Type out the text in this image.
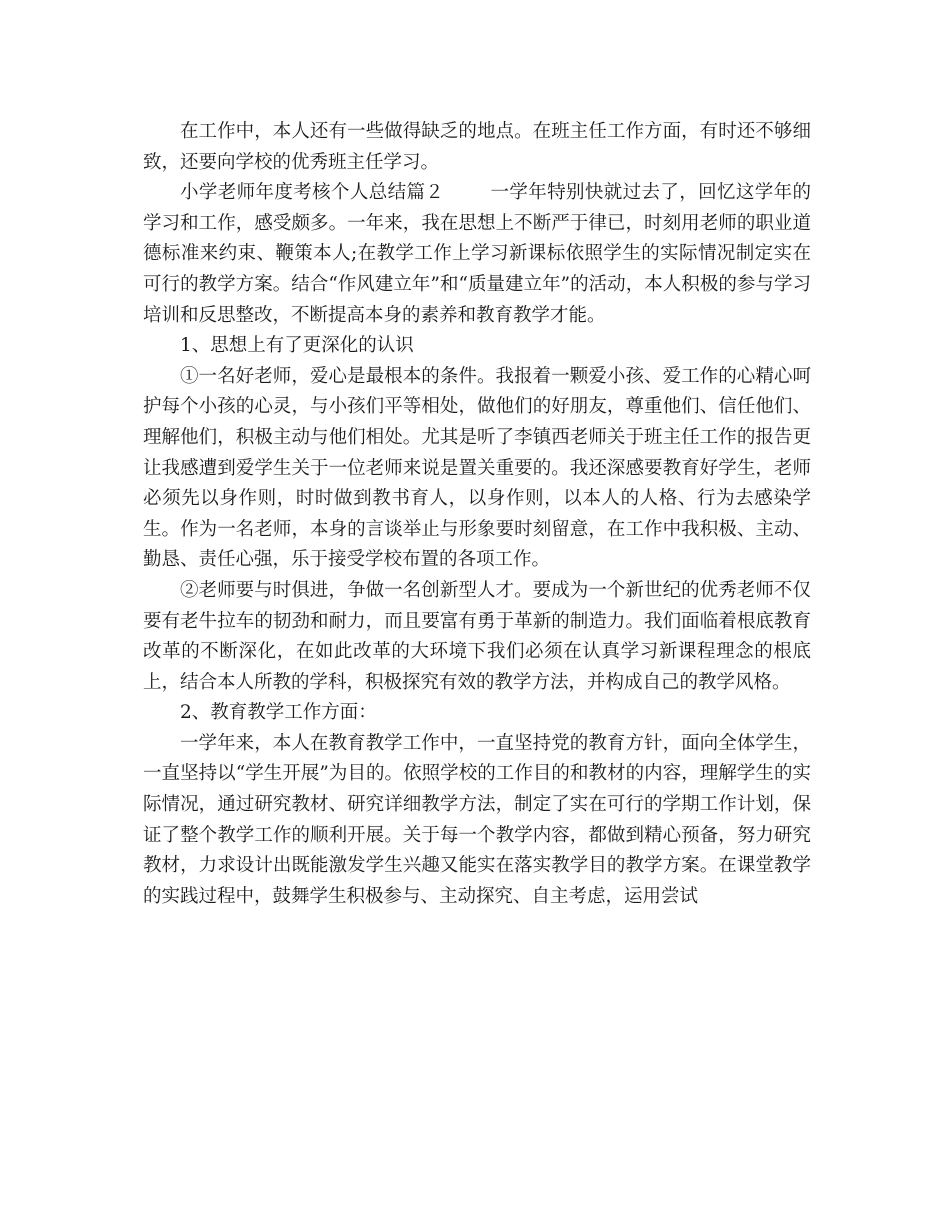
在工作中，本人还有一些做得缺乏的地点。在班主任工作方面，有时还不够细致，还要向学校的优秀班主任学习。

小学老师年度考核个人总结篇２ 一学年特别快就过去了，回忆这学年的学习和工作，感受颇多。一年来，我在思想上不断严于律已，时刻用老师的职业道德标准来约束、鞭策本人;在教学工作上学习新课标依照学生的实际情况制定实在可行的教学方案。结合“作风建立年”和“质量建立年”的活动，本人积极的参与学习培训和反思整改，不断提高本身的素养和教育教学才能。

1、思想上有了更深化的认识

①一名好老师，爱心是最根本的条件。我报着一颗爱小孩、爱工作的心精心呵护每个小孩的心灵，与小孩们平等相处，做他们的好朋友，尊重他们、信任他们、理解他们，积极主动与他们相处。尤其是听了李镇西老师关于班主任工作的报告更让我感遭到爱学生关于一位老师来说是置关重要的。我还深感要教育好学生，老师必须先以身作则，时时做到教书育人，以身作则，以本人的人格、行为去感染学生。作为一名老师，本身的言谈举止与形象要时刻留意，在工作中我积极、主动、勤恳、责任心强，乐于接受学校布置的各项工作。

②老师要与时俱进，争做一名创新型人才。要成为一个新世纪的优秀老师不仅要有老牛拉车的韧劲和耐力，而且要富有勇于革新的制造力。我们面临着根底教育改革的不断深化，在如此改革的大环境下我们必须在认真学习新课程理念的根底上，结合本人所教的学科，积极探究有效的教学方法，并构成自己的教学风格。

2、教育教学工作方面：

一学年来，本人在教育教学工作中，一直坚持党的教育方针，面向全体学生，一直坚持以“学生开展”为目的。依照学校的工作目的和教材的内容，理解学生的实际情况，通过研究教材、研究详细教学方法，制定了实在可行的学期工作计划，保证了整个教学工作的顺利开展。关于每一个教学内容，都做到精心预备，努力研究教材，力求设计出既能激发学生兴趣又能实在落实教学目的教学方案。在课堂教学的实践过程中，鼓舞学生积极参与、主动探究、自主考虑，运用尝试
